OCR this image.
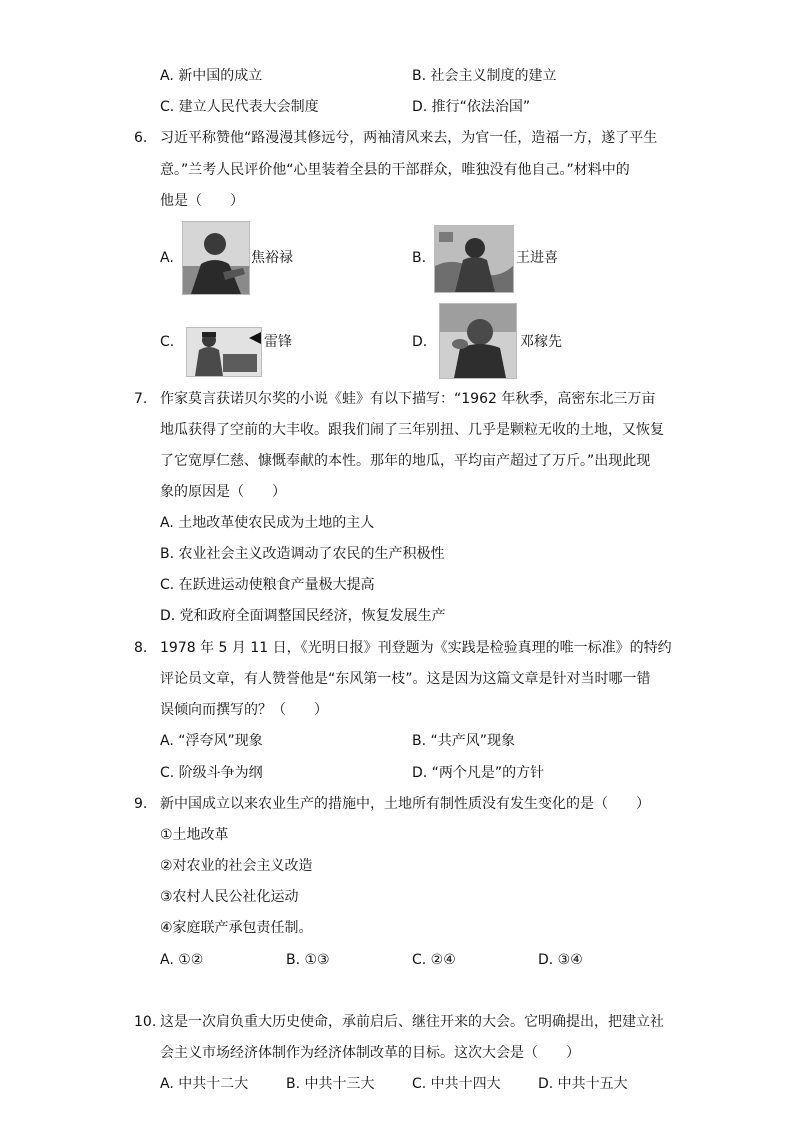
A. 新中国的成立	B. 社会主义制度的建立
C. 建立人民代表大会制度	D. 推行“依法治国”
6. 习近平称赞他“路漫漫其修远兮，两袖清风来去，为官一任，造福一方，遂了平生
意。”兰考人民评价他“心里装着全县的干部群众，唯独没有他自己。”材料中的
他是（　　）
A.	焦裕禄	B.	王进喜
C.	雷锋	D.	邓稼先
7. 作家莫言获诺贝尔奖的小说《蛙》有以下描写：“1962 年秋季，高密东北三万亩
地瓜获得了空前的大丰收。跟我们闹了三年别扭、几乎是颗粒无收的土地，又恢复
了它宽厚仁慈、慷慨奉献的本性。那年的地瓜，平均亩产超过了万斤。”出现此现
象的原因是（　　）
A. 土地改革使农民成为土地的主人
B. 农业社会主义改造调动了农民的生产积极性
C. 在跃进运动使粮食产量极大提高
D. 党和政府全面调整国民经济，恢复发展生产
8. 1978 年 5 月 11 日，《光明日报》刊登题为《实践是检验真理的唯一标准》的特约
评论员文章，有人赞誉他是“东风第一枝”。这是因为这篇文章是针对当时哪一错
误倾向而撰写的？（　　）
A. “浮夸风”现象	B. “共产风”现象
C. 阶级斗争为纲	D. “两个凡是”的方针
9. 新中国成立以来农业生产的措施中，土地所有制性质没有发生变化的是（　　）
①土地改革
②对农业的社会主义改造
③农村人民公社化运动
④家庭联产承包责任制。
A. ①②	B. ①③	C. ②④	D. ③④
10. 这是一次肩负重大历史使命，承前启后、继往开来的大会。它明确提出，把建立社
会主义市场经济体制作为经济体制改革的目标。这次大会是（　　）
A. 中共十二大	B. 中共十三大	C. 中共十四大	D. 中共十五大
